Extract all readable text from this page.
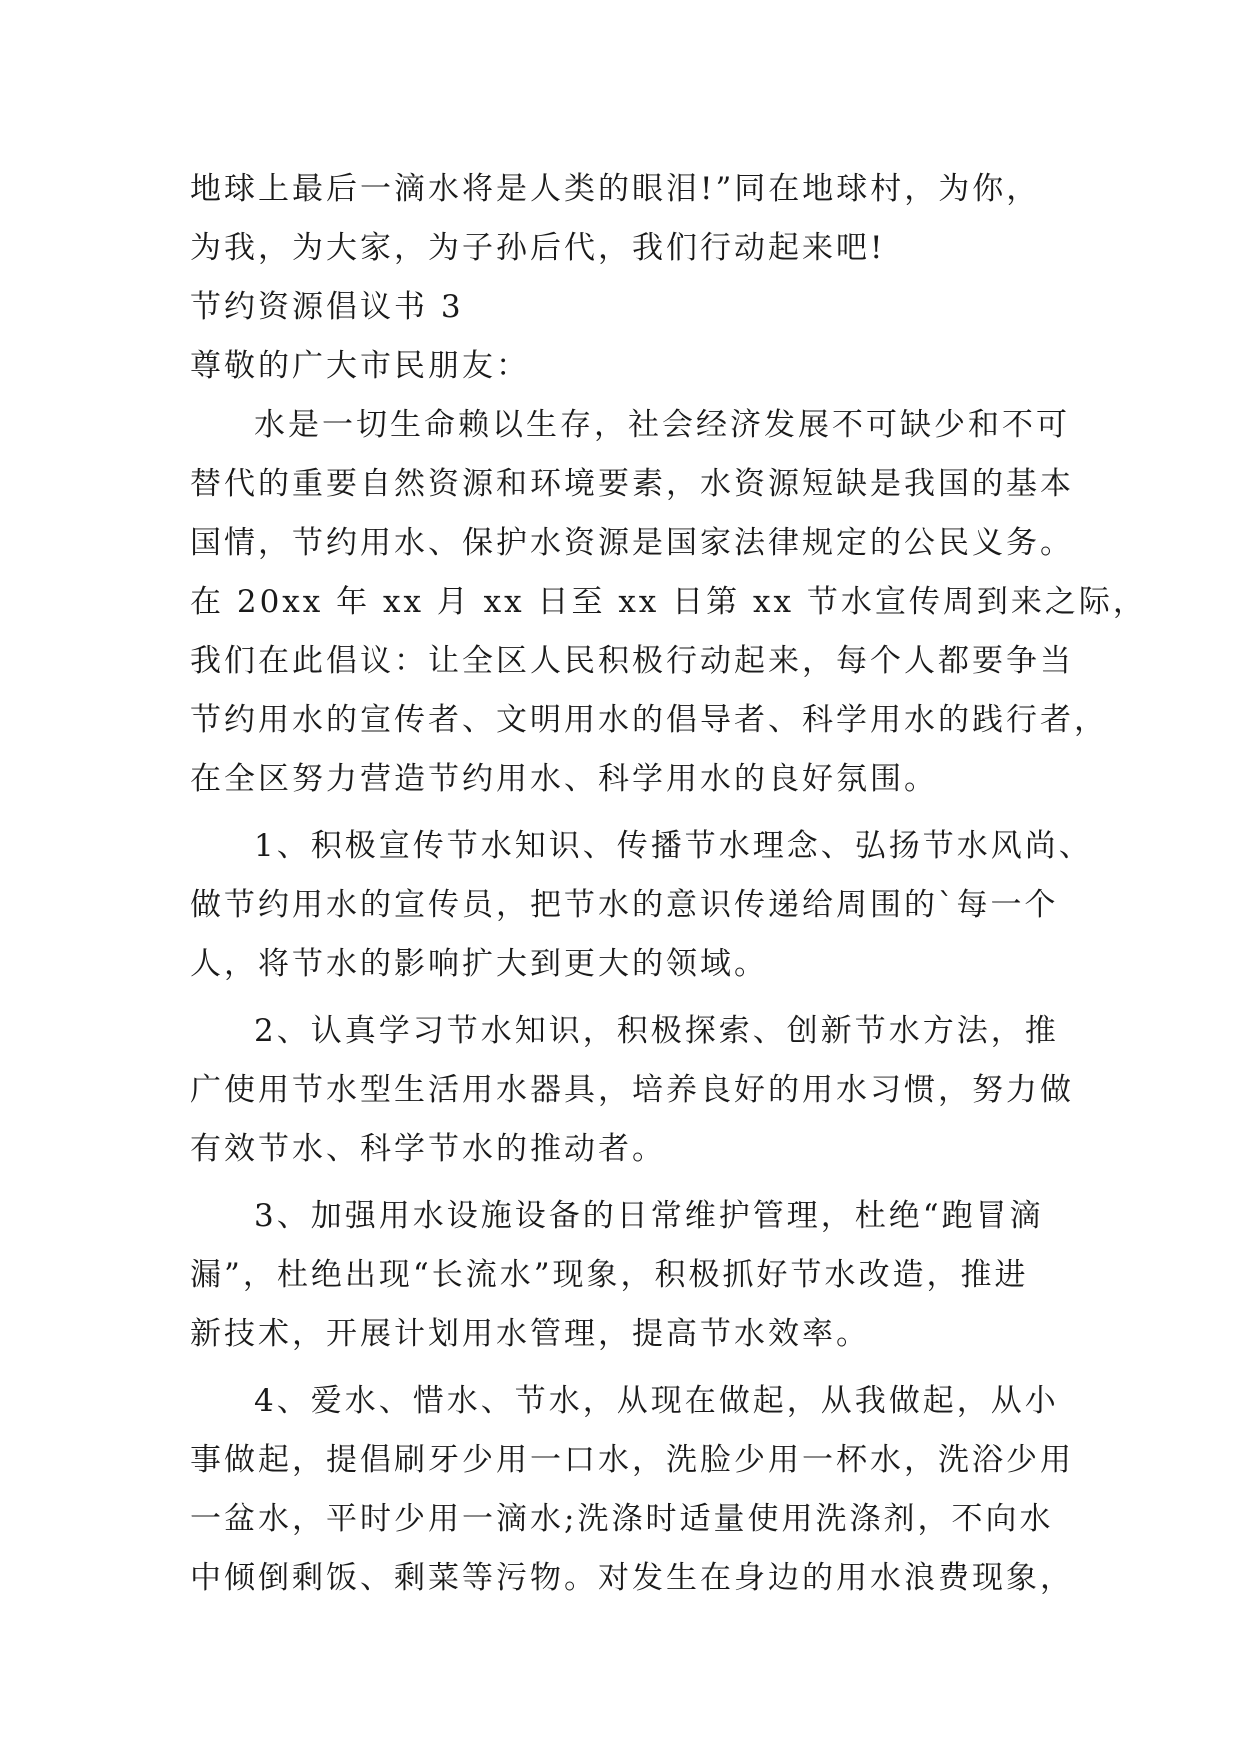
地球上最后一滴水将是人类的眼泪!”同在地球村，为你，
为我，为大家，为子孙后代，我们行动起来吧!
节约资源倡议书 3
尊敬的广大市民朋友：
水是一切生命赖以生存，社会经济发展不可缺少和不可
替代的重要自然资源和环境要素，水资源短缺是我国的基本
国情，节约用水、保护水资源是国家法律规定的公民义务。
在 20xx 年 xx 月 xx 日至 xx 日第 xx 节水宣传周到来之际，
我们在此倡议：让全区人民积极行动起来，每个人都要争当
节约用水的宣传者、文明用水的倡导者、科学用水的践行者，
在全区努力营造节约用水、科学用水的良好氛围。
1、积极宣传节水知识、传播节水理念、弘扬节水风尚、
做节约用水的宣传员，把节水的意识传递给周围的`每一个
人，将节水的影响扩大到更大的领域。
2、认真学习节水知识，积极探索、创新节水方法，推
广使用节水型生活用水器具，培养良好的用水习惯，努力做
有效节水、科学节水的推动者。
3、加强用水设施设备的日常维护管理，杜绝“跑冒滴
漏”，杜绝出现“长流水”现象，积极抓好节水改造，推进
新技术，开展计划用水管理，提高节水效率。
4、爱水、惜水、节水，从现在做起，从我做起，从小
事做起，提倡刷牙少用一口水，洗脸少用一杯水，洗浴少用
一盆水，平时少用一滴水;洗涤时适量使用洗涤剂，不向水
中倾倒剩饭、剩菜等污物。对发生在身边的用水浪费现象，
